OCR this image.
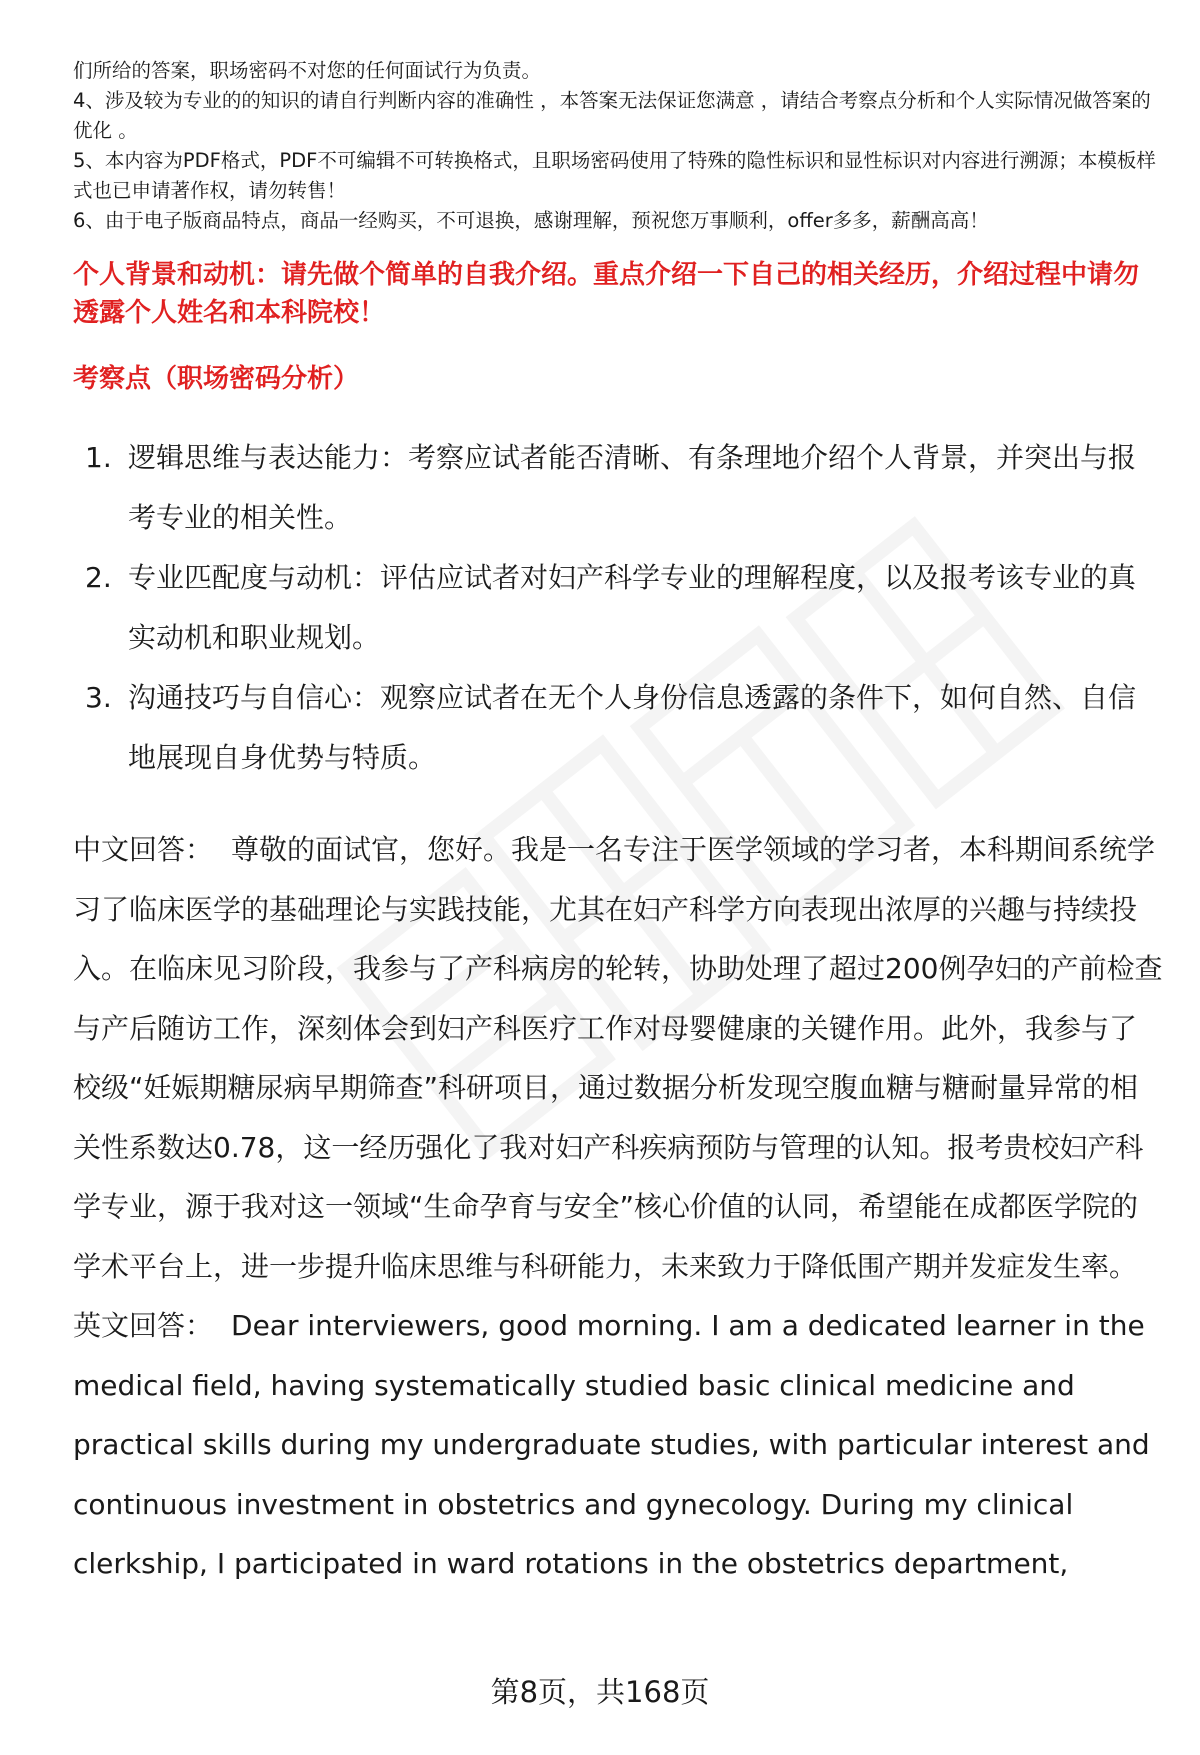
们所给的答案，职场密码不对您的任何面试行为负责。

4、涉及较为专业的的知识的请自行判断内容的准确性 ，本答案无法保证您满意 ，请结合考察点分析和个人实际情况做答案的优化 。

5、本内容为PDF格式，PDF不可编辑不可转换格式，且职场密码使用了特殊的隐性标识和显性标识对内容进行溯源；本模板样式也已申请著作权，请勿转售！

6、由于电子版商品特点，商品一经购买，不可退换，感谢理解，预祝您万事顺利，offer多多，薪酬高高！

个人背景和动机：请先做个简单的自我介绍。重点介绍一下自己的相关经历，介绍过程中请勿透露个人姓名和本科院校！

考察点（职场密码分析）

1. 逻辑思维与表达能力：考察应试者能否清晰、有条理地介绍个人背景，并突出与报考专业的相关性。
2. 专业匹配度与动机：评估应试者对妇产科学专业的理解程度，以及报考该专业的真实动机和职业规划。
3. 沟通技巧与自信心：观察应试者在无个人身份信息透露的条件下，如何自然、自信地展现自身优势与特质。

中文回答： 尊敬的面试官，您好。我是一名专注于医学领域的学习者，本科期间系统学习了临床医学的基础理论与实践技能，尤其在妇产科学方向表现出浓厚的兴趣与持续投入。在临床见习阶段，我参与了产科病房的轮转，协助处理了超过200例孕妇的产前检查与产后随访工作，深刻体会到妇产科医疗工作对母婴健康的关键作用。此外，我参与了校级“妊娠期糖尿病早期筛查”科研项目，通过数据分析发现空腹血糖与糖耐量异常的相关性系数达0.78，这一经历强化了我对妇产科疾病预防与管理的认知。报考贵校妇产科学专业，源于我对这一领域“生命孕育与安全”核心价值的认同，希望能在成都医学院的学术平台上，进一步提升临床思维与科研能力，未来致力于降低围产期并发症发生率。

英文回答： Dear interviewers, good morning. I am a dedicated learner in the medical field, having systematically studied basic clinical medicine and practical skills during my undergraduate studies, with particular interest and continuous investment in obstetrics and gynecology. During my clinical clerkship, I participated in ward rotations in the obstetrics department,

第8页，共168页
